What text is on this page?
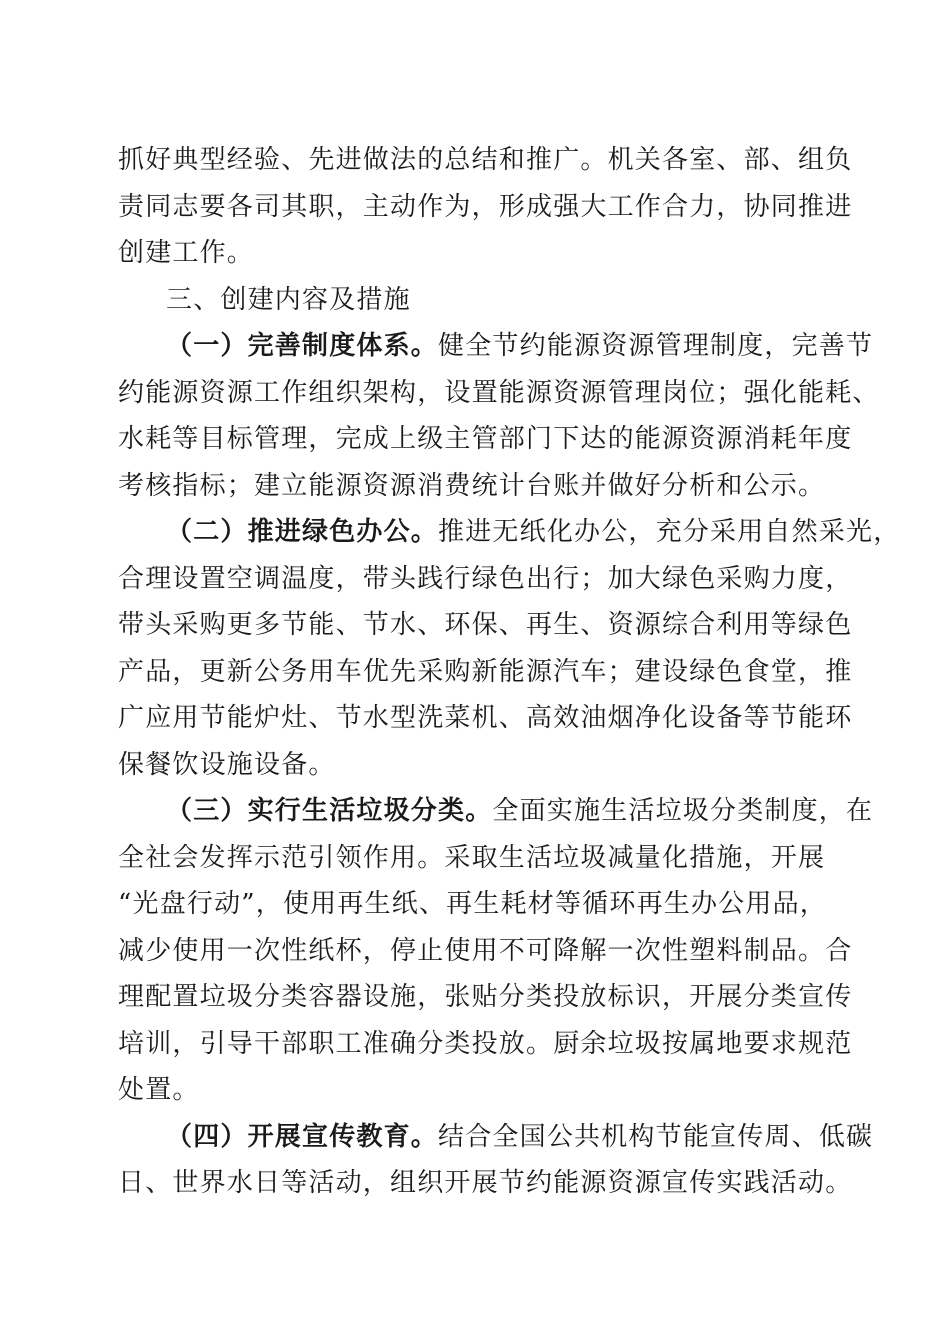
抓好典型经验、先进做法的总结和推广。机关各室、部、组负
责同志要各司其职，主动作为，形成强大工作合力，协同推进
创建工作。
三、创建内容及措施
（一）完善制度体系。健全节约能源资源管理制度，完善节
约能源资源工作组织架构，设置能源资源管理岗位；强化能耗、
水耗等目标管理，完成上级主管部门下达的能源资源消耗年度
考核指标；建立能源资源消费统计台账并做好分析和公示。
（二）推进绿色办公。推进无纸化办公，充分采用自然采光，
合理设置空调温度，带头践行绿色出行；加大绿色采购力度，
带头采购更多节能、节水、环保、再生、资源综合利用等绿色
产品，更新公务用车优先采购新能源汽车；建设绿色食堂，推
广应用节能炉灶、节水型洗菜机、高效油烟净化设备等节能环
保餐饮设施设备。
（三）实行生活垃圾分类。全面实施生活垃圾分类制度，在
全社会发挥示范引领作用。采取生活垃圾减量化措施，开展
“光盘行动”，使用再生纸、再生耗材等循环再生办公用品，
减少使用一次性纸杯，停止使用不可降解一次性塑料制品。合
理配置垃圾分类容器设施，张贴分类投放标识，开展分类宣传
培训，引导干部职工准确分类投放。厨余垃圾按属地要求规范
处置。
（四）开展宣传教育。结合全国公共机构节能宣传周、低碳
日、世界水日等活动，组织开展节约能源资源宣传实践活动。
